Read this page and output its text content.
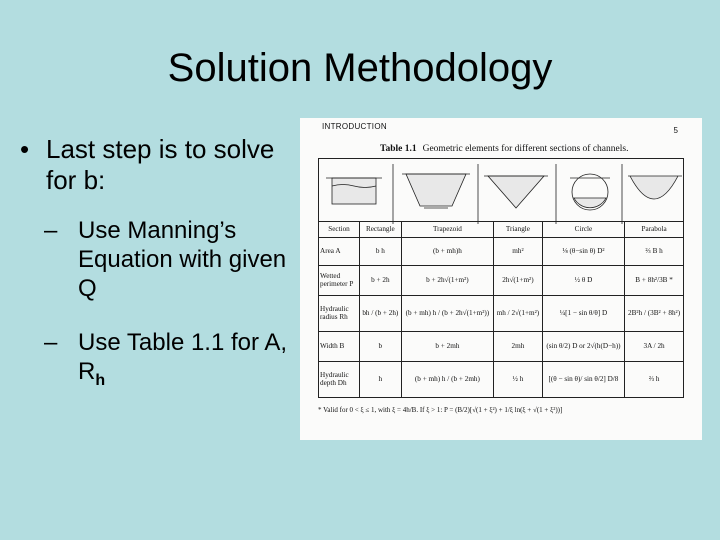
Solution Methodology
• Last step is to solve for b:
– Use Manning’s Equation with given Q
– Use Table 1.1 for A, $R_h$
INTRODUCTION	5
Table 1.1 Geometric elements for different sections of channels.
Section	Rectangle	Trapezoid	Triangle	Circle	Parabola
Area A	b h	(b + mh)h	mh²	⅛ (θ−sin θ) D²	⅔ B h
Wetted perimeter P	b + 2h	b + 2h√(1+m²)	2h√(1+m²)	½ θ D	B + 8h²/3B *
Hydraulic radius Rh	bh / (b + 2h)	(b + mh) h / (b + 2h√(1+m²))	mh / 2√(1+m²)	¼[1 − sin θ/θ] D	2B²h / (3B² + 8h²)
Width B	b	b + 2mh	2mh	(sin θ/2) D or 2√(h(D−h))	3A / 2h
Hydraulic depth Dh	h	(b + mh) h / (b + 2mh)	½ h	[(θ − sin θ)/ sin θ/2] D/8	⅔ h
* Valid for 0 < ξ ≤ 1, with ξ = 4h/B. If ξ > 1: P = (B/2)[√(1 + ξ²) + 1/ξ ln(ξ + √(1 + ξ²))]
